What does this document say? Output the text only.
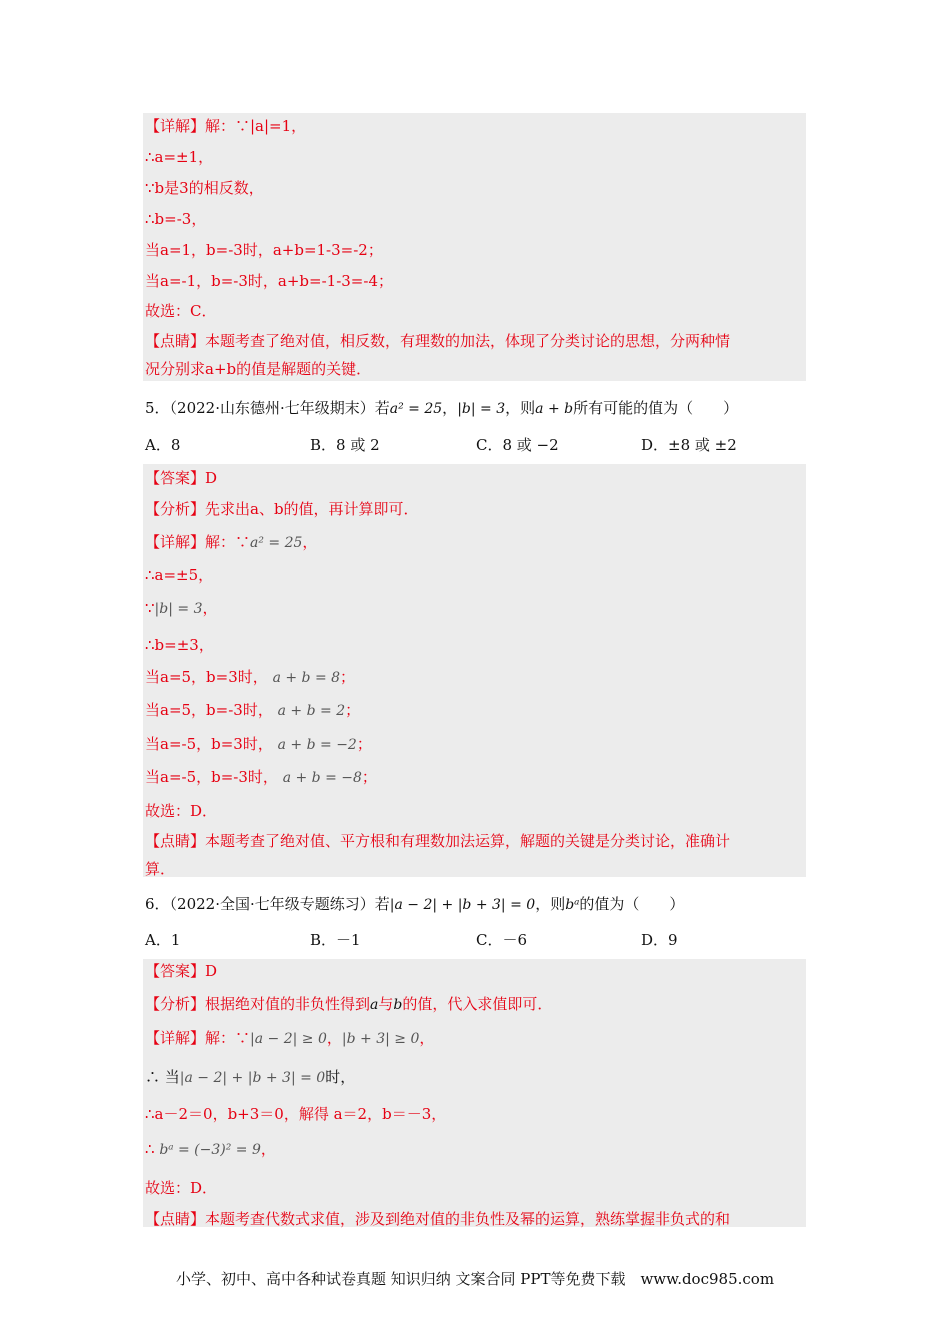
【详解】解：∵|a|=1，
∴a=±1，
∵b是3的相反数，
∴b=-3，
当a=1，b=-3时，a+b=1-3=-2；
当a=-1，b=-3时，a+b=-1-3=-4；
故选：C．
【点睛】本题考查了绝对值，相反数，有理数的加法，体现了分类讨论的思想，分两种情
况分别求a+b的值是解题的关键．
5．（2022·山东德州·七年级期末）若a² = 25，|b| = 3，则a + b所有可能的值为（　　）
A．8	B．8 或 2	C．8 或 −2	D．±8 或 ±2
【答案】D
【分析】先求出a、b的值，再计算即可．
【详解】解：∵a² = 25，
∴a=±5，
∵|b| = 3，
∴b=±3，
当a=5，b=3时， a + b = 8；
当a=5，b=-3时， a + b = 2；
当a=-5，b=3时， a + b = −2；
当a=-5，b=-3时， a + b = −8；
故选：D．
【点睛】本题考查了绝对值、平方根和有理数加法运算，解题的关键是分类讨论，准确计
算．
6．（2022·全国·七年级专题练习）若|a − 2| + |b + 3| = 0，则bᵃ的值为（　　）
A．1	B．－1	C．－6	D．9
【答案】D
【分析】根据绝对值的非负性得到a与b的值，代入求值即可．
【详解】解：∵|a − 2| ≥ 0，|b + 3| ≥ 0，
∴ 当|a − 2| + |b + 3| = 0时，
∴a－2＝0，b+3＝0，解得 a＝2，b＝－3，
∴ bᵃ = (−3)² = 9，
故选：D．
【点睛】本题考查代数式求值，涉及到绝对值的非负性及幂的运算，熟练掌握非负式的和
小学、初中、高中各种试卷真题 知识归纳 文案合同 PPT等免费下载　www.doc985.com
